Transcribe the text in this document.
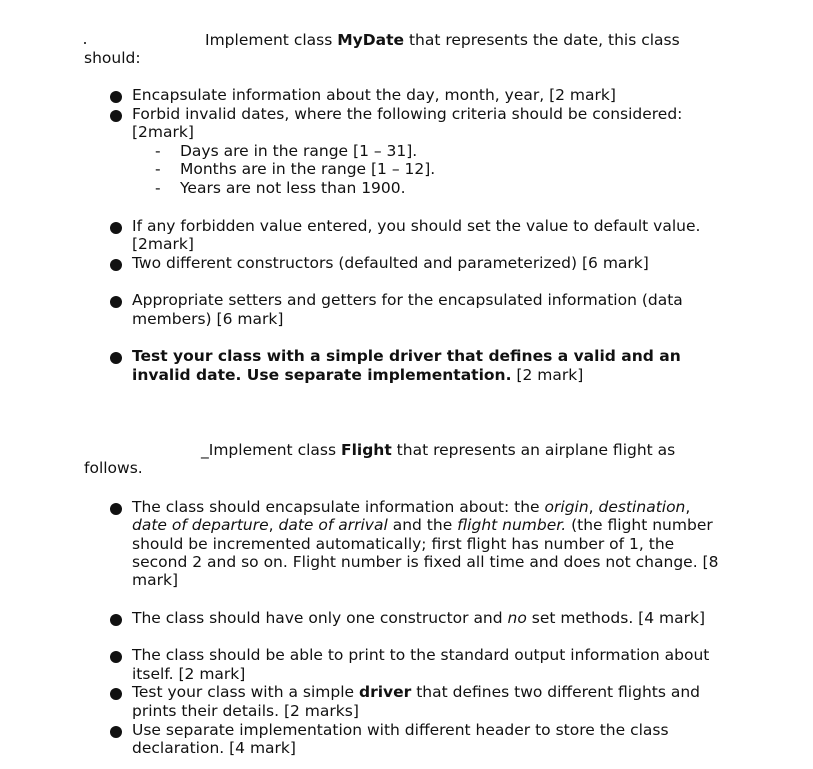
Implement class MyDate that represents the date, this class
should:
Encapsulate information about the day, month, year, [2 mark]
Forbid invalid dates, where the following criteria should be considered:
[2mark]
- Days are in the range [1 – 31].
- Months are in the range [1 – 12].
- Years are not less than 1900.
If any forbidden value entered, you should set the value to default value.
[2mark]
Two different constructors (defaulted and parameterized) [6 mark]
Appropriate setters and getters for the encapsulated information (data
members) [6 mark]
Test your class with a simple driver that defines a valid and an
invalid date. Use separate implementation. [2 mark]
_Implement class Flight that represents an airplane flight as
follows.
The class should encapsulate information about: the origin, destination,
date of departure, date of arrival and the flight number. (the flight number
should be incremented automatically; first flight has number of 1, the
second 2 and so on. Flight number is fixed all time and does not change. [8
mark]
The class should have only one constructor and no set methods. [4 mark]
The class should be able to print to the standard output information about
itself. [2 mark]
Test your class with a simple driver that defines two different flights and
prints their details. [2 marks]
Use separate implementation with different header to store the class
declaration. [4 mark]
